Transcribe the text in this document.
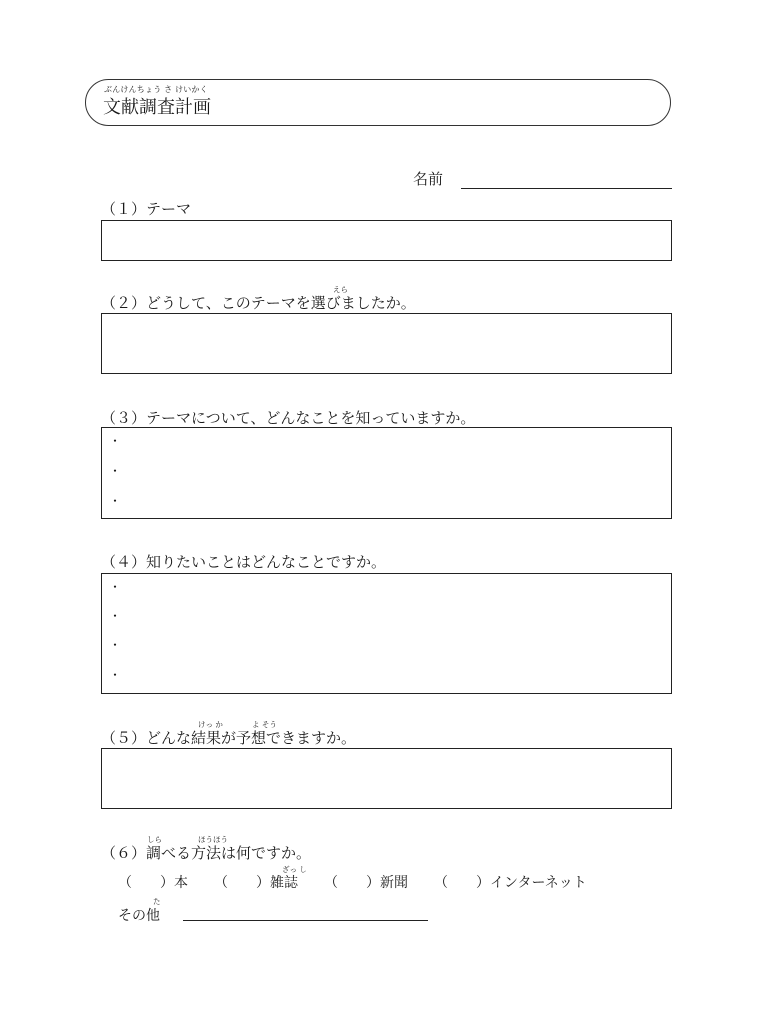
ぶんけんちょう さ けいかく
文献調査計画
名前
（１）テーマ
えら
（２）どうして、このテーマを選びましたか。
（３）テーマについて、どんなことを知っていますか。
・
・
・
（４）知りたいことはどんなことですか。
・
・
・
・
けっ か	よ そう
（５）どんな結果が予想できますか。
しら	ほうほう
（６）調べる方法は何ですか。
ざっ し
（　　）本 （　　）雑誌 （　　）新聞 （　　）インターネット
た
その他
